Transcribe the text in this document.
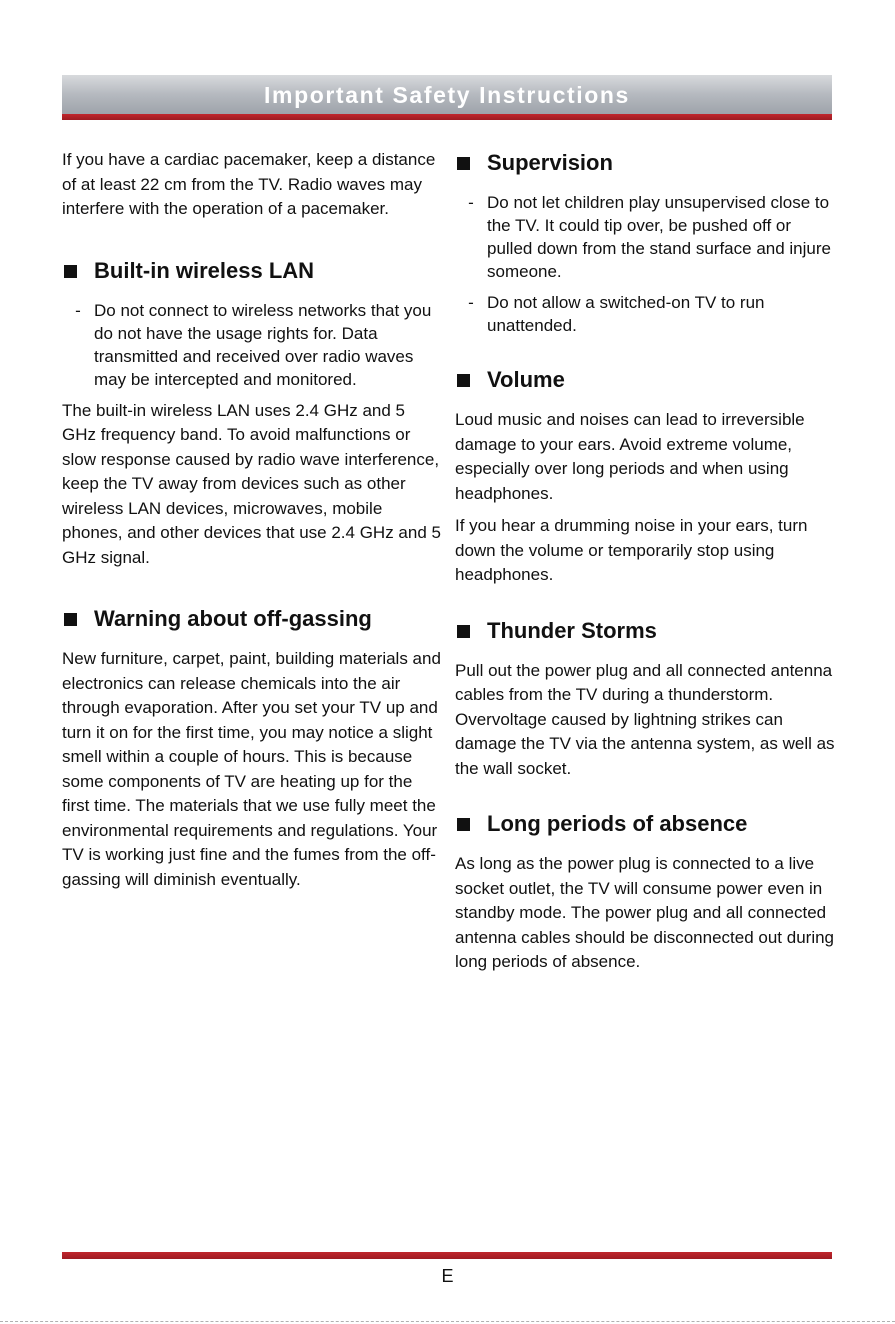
Important Safety Instructions

If you have a cardiac pacemaker, keep a distance of at least 22 cm from the TV. Radio waves may interfere with the operation of a pacemaker.

Built-in wireless LAN
- Do not connect to wireless networks that you do not have the usage rights for. Data transmitted and received over radio waves may be intercepted and monitored.

The built-in wireless LAN uses 2.4 GHz and 5 GHz frequency band. To avoid malfunctions or slow response caused by radio wave interference, keep the TV away from devices such as other wireless LAN devices, microwaves, mobile phones, and other devices that use 2.4 GHz and 5 GHz signal.

Warning about off-gassing

New furniture, carpet, paint, building materials and electronics can release chemicals into the air through evaporation. After you set your TV up and turn it on for the first time, you may notice a slight smell within a couple of hours. This is because some components of TV are heating up for the first time. The materials that we use fully meet the environmental requirements and regulations. Your TV is working just fine and the fumes from the off-gassing will diminish eventually.

Supervision
- Do not let children play unsupervised close to the TV. It could tip over, be pushed off or pulled down from the stand surface and injure someone.
- Do not allow a switched-on TV to run unattended.
Volume

Loud music and noises can lead to irreversible damage to your ears. Avoid extreme volume, especially over long periods and when using headphones.

If you hear a drumming noise in your ears, turn down the volume or temporarily stop using headphones.

Thunder Storms

Pull out the power plug and all connected antenna cables from the TV during a thunderstorm. Overvoltage caused by lightning strikes can damage the TV via the antenna system, as well as the wall socket.

Long periods of absence

As long as the power plug is connected to a live socket outlet, the TV will consume power even in standby mode. The power plug and all connected antenna cables should be disconnected out during long periods of absence.

E
